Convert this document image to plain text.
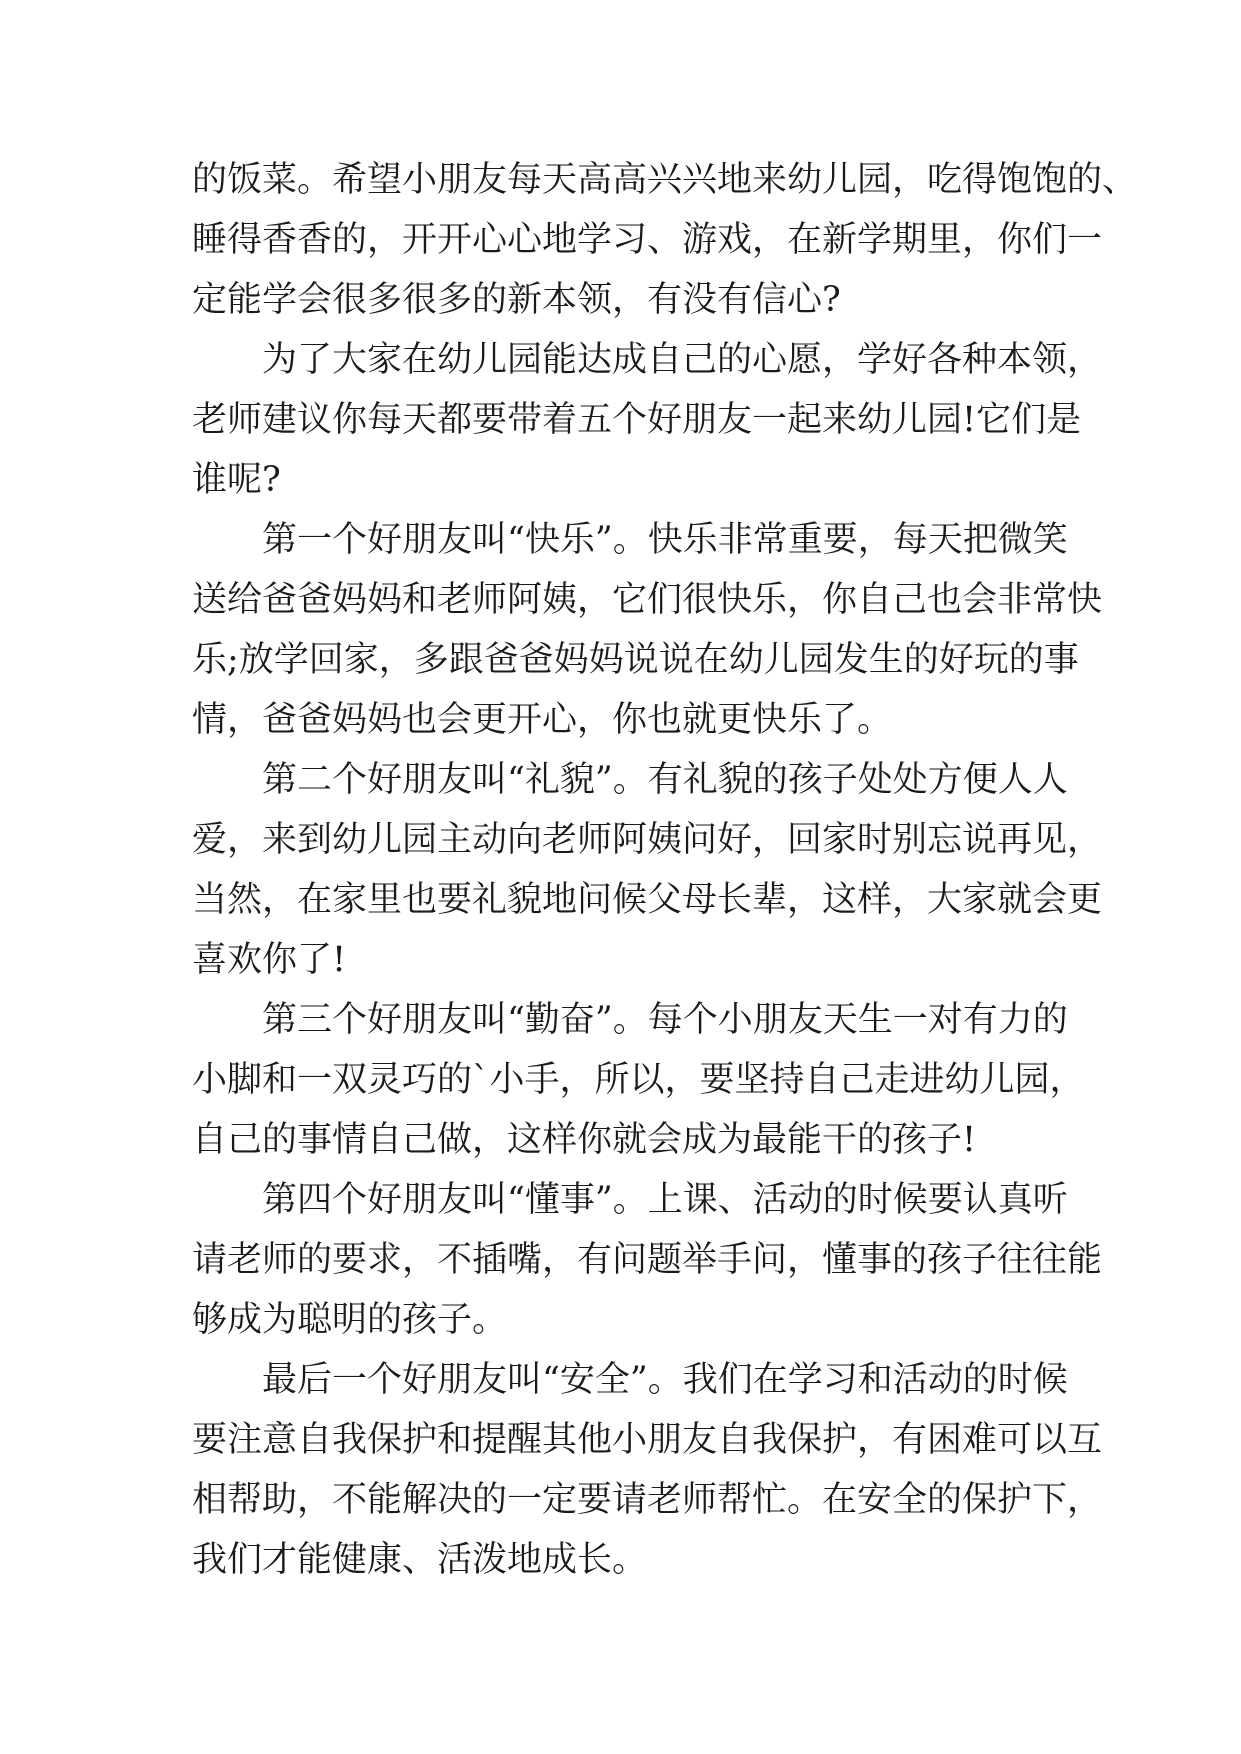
的饭菜。希望小朋友每天高高兴兴地来幼儿园，吃得饱饱的、
睡得香香的，开开心心地学习、游戏，在新学期里，你们一
定能学会很多很多的新本领，有没有信心?
为了大家在幼儿园能达成自己的心愿，学好各种本领，
老师建议你每天都要带着五个好朋友一起来幼儿园!它们是
谁呢?
第一个好朋友叫“快乐”。快乐非常重要，每天把微笑
送给爸爸妈妈和老师阿姨，它们很快乐，你自己也会非常快
乐;放学回家，多跟爸爸妈妈说说在幼儿园发生的好玩的事
情，爸爸妈妈也会更开心，你也就更快乐了。
第二个好朋友叫“礼貌”。有礼貌的孩子处处方便人人
爱，来到幼儿园主动向老师阿姨问好，回家时别忘说再见，
当然，在家里也要礼貌地问候父母长辈，这样，大家就会更
喜欢你了!
第三个好朋友叫“勤奋”。每个小朋友天生一对有力的
小脚和一双灵巧的`小手，所以，要坚持自己走进幼儿园，
自己的事情自己做，这样你就会成为最能干的孩子!
第四个好朋友叫“懂事”。上课、活动的时候要认真听
请老师的要求，不插嘴，有问题举手问，懂事的孩子往往能
够成为聪明的孩子。
最后一个好朋友叫“安全”。我们在学习和活动的时候
要注意自我保护和提醒其他小朋友自我保护，有困难可以互
相帮助，不能解决的一定要请老师帮忙。在安全的保护下，
我们才能健康、活泼地成长。
